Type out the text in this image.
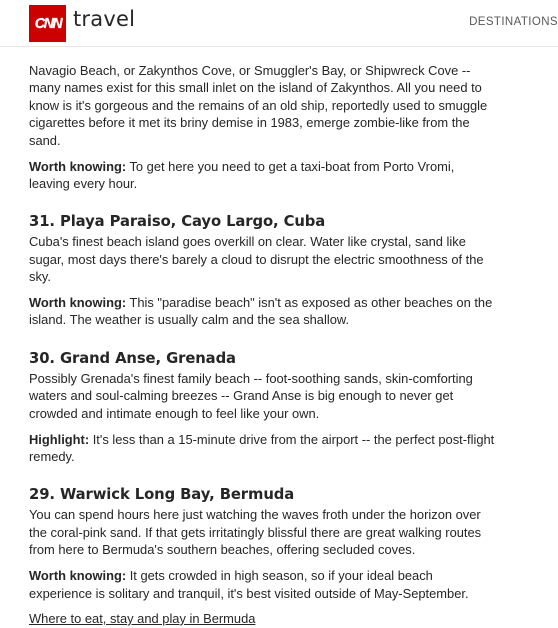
CNN travel	DESTINATIONS

Navagio Beach, or Zakynthos Cove, or Smuggler's Bay, or Shipwreck Cove -- many names exist for this small inlet on the island of Zakynthos. All you need to know is it's gorgeous and the remains of an old ship, reportedly used to smuggle cigarettes before it met its briny demise in 1983, emerge zombie-like from the sand.

Worth knowing: To get here you need to get a taxi-boat from Porto Vromi, leaving every hour.

31. Playa Paraiso, Cayo Largo, Cuba

Cuba's finest beach island goes overkill on clear. Water like crystal, sand like sugar, most days there's barely a cloud to disrupt the electric smoothness of the sky.

Worth knowing: This "paradise beach" isn't as exposed as other beaches on the island. The weather is usually calm and the sea shallow.

30. Grand Anse, Grenada

Possibly Grenada's finest family beach -- foot-soothing sands, skin-comforting waters and soul-calming breezes -- Grand Anse is big enough to never get crowded and intimate enough to feel like your own.

Highlight: It's less than a 15-minute drive from the airport -- the perfect post-flight remedy.

29. Warwick Long Bay, Bermuda

You can spend hours here just watching the waves froth under the horizon over the coral-pink sand. If that gets irritatingly blissful there are great walking routes from here to Bermuda's southern beaches, offering secluded coves.

Worth knowing: It gets crowded in high season, so if your ideal beach experience is solitary and tranquil, it's best visited outside of May-September.

Where to eat, stay and play in Bermuda
